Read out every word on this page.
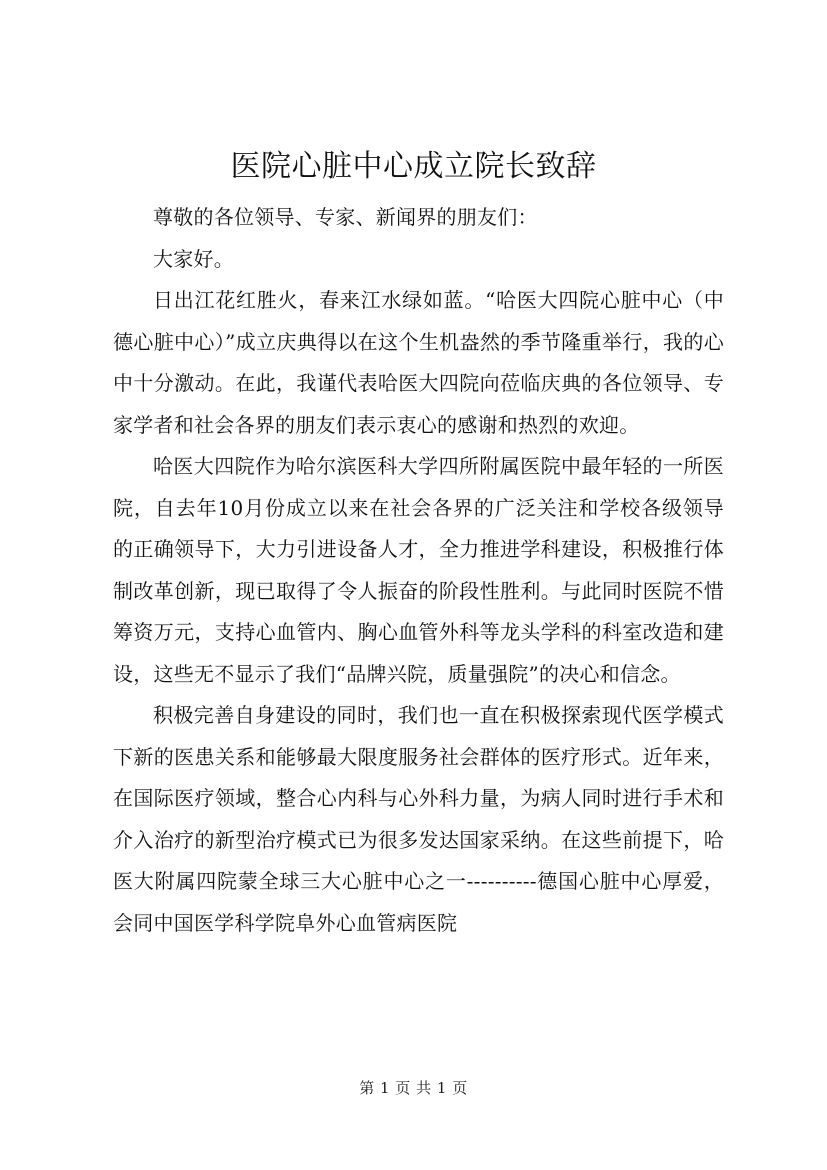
医院心脏中心成立院长致辞

尊敬的各位领导、专家、新闻界的朋友们：

大家好。

日出江花红胜火，春来江水绿如蓝。“哈医大四院心脏中心（中德心脏中心）”成立庆典得以在这个生机盎然的季节隆重举行，我的心中十分激动。在此，我谨代表哈医大四院向莅临庆典的各位领导、专家学者和社会各界的朋友们表示衷心的感谢和热烈的欢迎。

哈医大四院作为哈尔滨医科大学四所附属医院中最年轻的一所医院，自去年10月份成立以来在社会各界的广泛关注和学校各级领导的正确领导下，大力引进设备人才，全力推进学科建设，积极推行体制改革创新，现已取得了令人振奋的阶段性胜利。与此同时医院不惜筹资万元，支持心血管内、胸心血管外科等龙头学科的科室改造和建设，这些无不显示了我们“品牌兴院，质量强院”的决心和信念。

积极完善自身建设的同时，我们也一直在积极探索现代医学模式下新的医患关系和能够最大限度服务社会群体的医疗形式。近年来，在国际医疗领域，整合心内科与心外科力量，为病人同时进行手术和介入治疗的新型治疗模式已为很多发达国家采纳。在这些前提下，哈医大附属四院蒙全球三大心脏中心之一----------德国心脏中心厚爱，会同中国医学科学院阜外心血管病医院

第 1 页 共 1 页
